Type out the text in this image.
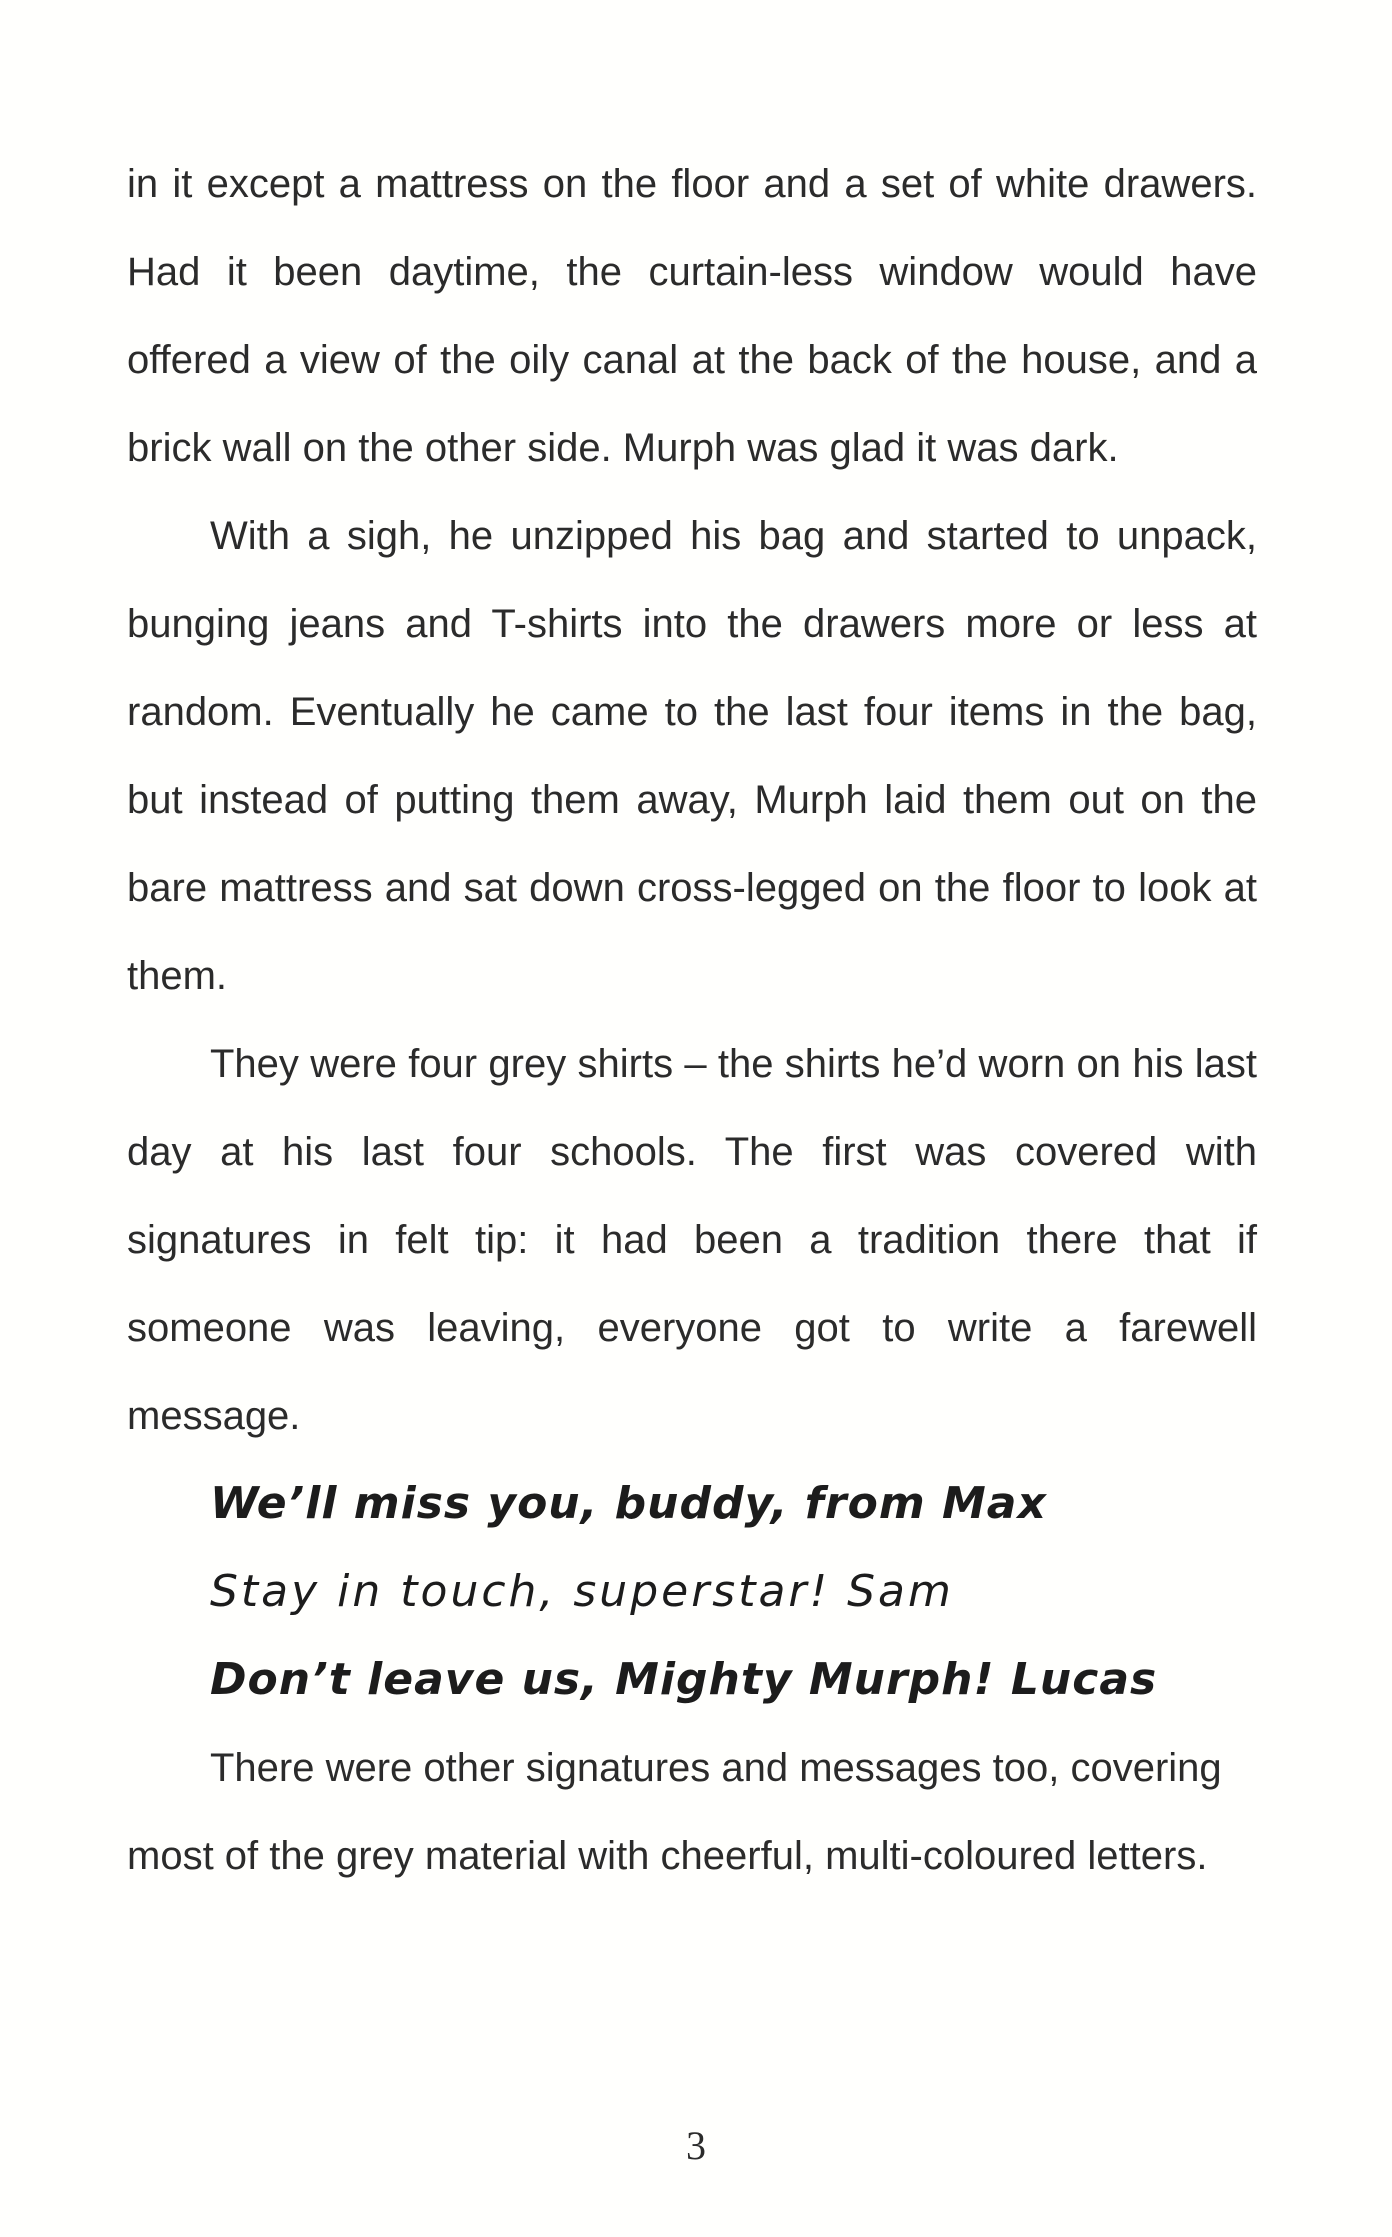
in it except a mattress on the floor and a set of white drawers. Had it been daytime, the curtain-less window would have offered a view of the oily canal at the back of the house, and a brick wall on the other side. Murph was glad it was dark.

With a sigh, he unzipped his bag and started to unpack, bunging jeans and T-shirts into the drawers more or less at random. Eventually he came to the last four items in the bag, but instead of putting them away, Murph laid them out on the bare mattress and sat down cross-legged on the floor to look at them.

They were four grey shirts – the shirts he’d worn on his last day at his last four schools. The first was covered with signatures in felt tip: it had been a tradition there that if someone was leaving, everyone got to write a farewell message.

We’ll miss you, buddy, from Max

Stay in touch, superstar! Sam

Don’t leave us, Mighty Murph! Lucas

There were other signatures and messages too, covering most of the grey material with cheerful, multi-coloured letters.

3
